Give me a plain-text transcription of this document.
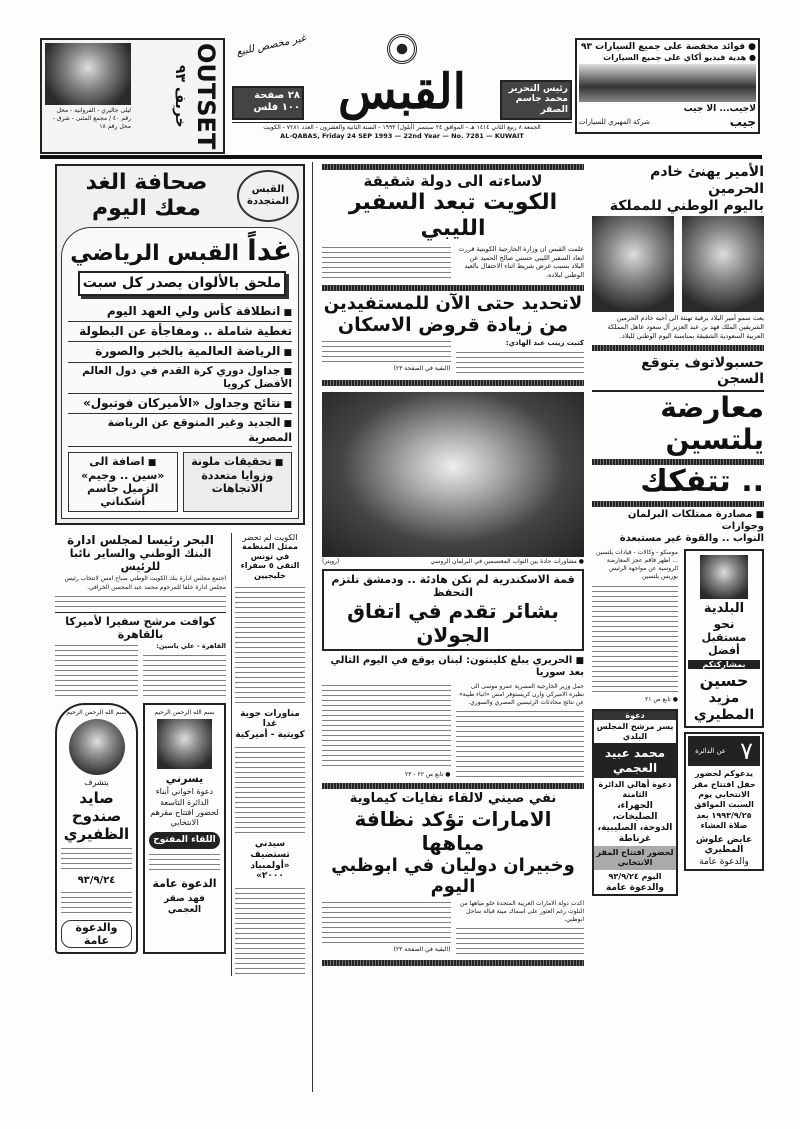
ليلى جاليري - الفروانية - محل رقم ٤٠ / مجمع المثنى - شرق - محل رقم ١٨
خريف ٩٣ OUTSET غير مخصص للبيع
٢٨ صفحة
١٠٠ فلس القبس	رئيس التحرير
محمد جاسم الصقر
الجمعة ٨ ربيع الثاني ١٤١٤ هـ - الموافق ٢٤ سبتمبر (أيلول) ١٩٩٣ - السنة الثانية والعشرون - العدد ٧٢٨١ - الكويت
AL-QABAS, Friday 24 SEP 1993 — 22nd Year — No. 7281 — KUWAIT
● فوائد مخفضة على جميع السيارات ٩٣
● هدية فيديو أكاي على جميع السيارات
لاجيب... الا جيب
جيب
شركة المهيري للسيارات
القبس المتجددة
صحافة الغد
معك اليوم
غداً
القبس الرياضي
ملحق بالألوان يصدر كل سبت
■ انطلاقة كأس ولي العهد اليوم
تغطية شاملة .. ومفاجأة عن البطولة
■ الرياضة العالمية بالخبر والصورة
■ جداول دوري كرة القدم في دول العالم الأفضل كرويا
■ نتائج وجداول «الأميركان فوتبول»
■ الجديد وغير المتوقع عن الرياضة المصرية
■ تحقيقات ملونة
وزوايا متعددة
الاتجاهات
■ اضافة الى
«سين .. وجيم»
الزميل جاسم أشكناني
الكويت لم تحضر
ممثل المنظمة في تونس
التقى ٥ سفراء خليجيين
مناورات جوية غدا
كويتية - أميركية
سيدني تستضيف
«أولمبياد ٢٠٠٠»
البحر رئيسا لمجلس ادارة
البنك الوطني والساير نائبا للرئيس
اجتمع مجلس ادارة بنك الكويت الوطني صباح امس لانتخاب رئيس مجلس ادارة خلفا للمرحوم محمد عبد المحسن الخرافي.
كوافت مرشح سفيرا لأميركا بالقاهرة
القاهرة - علي ياسين:
بسم الله الرحمن الرحيم
يتشرف
صايد صندوح الظفيري
٩٣/٩/٢٤
والدعوة عامة
بسم الله الرحمن الرحيم
يسرني
دعوة اخواني أبناء الدائرة التاسعة لحضور افتتاح مقرهم الانتخابي
اللقاء المفتوح
الدعوة عامة
فهد صقر العجمي
لاساءته الى دولة شقيقة
الكويت تبعد السفير الليبي
علمت القبس ان وزارة الخارجية الكويتية قررت ابعاد السفير الليبي حسني صالح الحميد عن البلاد بسبب عرض شريط اثناء الاحتفال بالعيد الوطني لبلاده.
لاتحديد حتى الآن للمستفيدين
من زيادة قروض الاسكان
كتبت زينب عبد الهادي:
(البقية في الصفحة ٢٣)
● مشاورات حادة بين النواب المعتصمين في البرلمان الروسي
(رويتر)
قمة الاسكندرية لم تكن هادئة .. ودمشق تلتزم التحفظ
بشائر تقدم في اتفاق الجولان
■ الحريري يبلغ كلينتون: لبنان يوقع في اليوم التالي بعد سوريا
حمل وزير الخارجية المصرية عمرو موسى الى نظيره الاميركي وارن كريستوفر امس «انباء طيبة» عن نتائج محادثات الرئيسين المصري والسوري.
● تابع ص ٢٢ - ٢٣
نفي صيني لالقاء نفايات كيماوية
الامارات تؤكد نظافة مياهها
وخبيران دوليان في ابوظبي اليوم
اكدت دولة الامارات العربية المتحدة خلو مياهها من التلوث رغم العثور على اسماك ميتة قبالة ساحل ابوظبي.
(البقية في الصفحة ٢٣)
الأمير يهنئ خادم الحرمين
باليوم الوطني للمملكة
بعث سمو أمير البلاد برقية تهنئة الى أخيه خادم الحرمين الشريفين الملك فهد بن عبد العزيز آل سعود عاهل المملكة العربية السعودية الشقيقة بمناسبة اليوم الوطني للبلاد.
حسبولاتوف يتوقع السجن
معارضة يلتسين
.. تتفكك
■ مصادرة ممتلكات البرلمان وجوازات
النواب .. والقوة غير مستبعدة
البلدية
نحو
مستقبل أفضل
بمشاركتكم
حسين
مزيد
المطيري
٧
عن الدائرة
يدعوكم لحضور حفل افتتاح مقر الانتخابي يوم السبت الموافق ١٩٩٣/٩/٢٥ بعد صلاة العشاء
عايض علوش المطيري
والدعوة عامة
موسكو - وكالات - قيادات يلتسين ... اظهر فاقم عجز المعارضة الروسية عن مواجهة الرئيس بوريس يلتسين
● تابع ص ٢١
دعوة
يسر مرشح المجلس البلدي
محمد عبيد العجمي
دعوة أهالي الدائرة الثامنة
الجهراء، الصليخات، الدوحة، الصليبية، غرناطة
لحضور افتتاح المقر الانتخابي
اليوم ٩٣/٩/٢٤
والدعوة عامة
